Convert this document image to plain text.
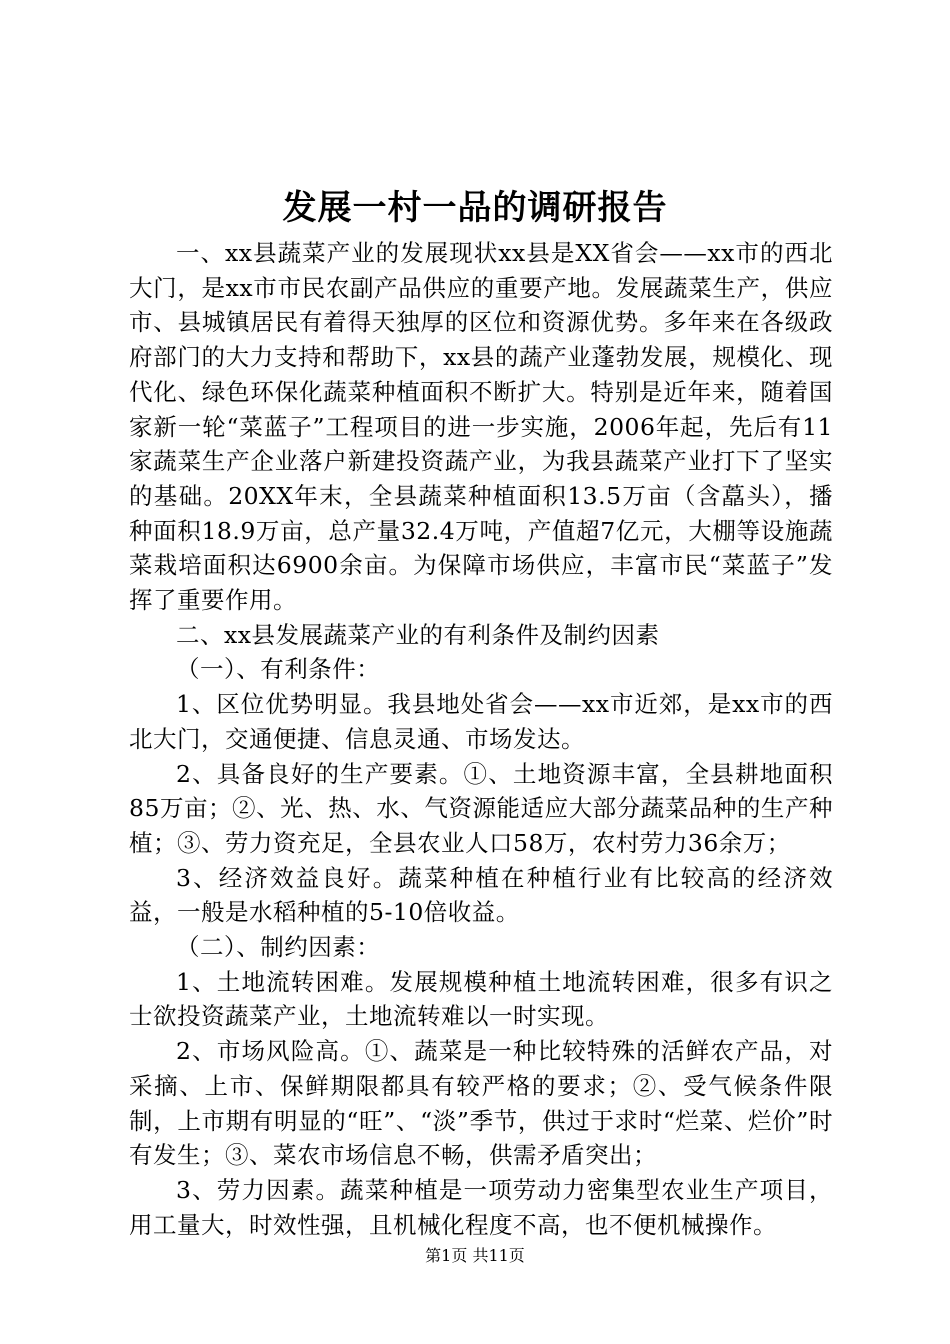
发展一村一品的调研报告

一、xx县蔬菜产业的发展现状xx县是XX省会——xx市的西北大门，是xx市市民农副产品供应的重要产地。发展蔬菜生产，供应市、县城镇居民有着得天独厚的区位和资源优势。多年来在各级政府部门的大力支持和帮助下，xx县的蔬产业蓬勃发展，规模化、现代化、绿色环保化蔬菜种植面积不断扩大。特别是近年来，随着国家新一轮“菜蓝子”工程项目的进一步实施，2006年起，先后有11家蔬菜生产企业落户新建投资蔬产业，为我县蔬菜产业打下了坚实的基础。20XX年末，全县蔬菜种植面积13.5万亩（含藠头），播种面积18.9万亩，总产量32.4万吨，产值超7亿元，大棚等设施蔬菜栽培面积达6900余亩。为保障市场供应，丰富市民“菜蓝子”发挥了重要作用。

二、xx县发展蔬菜产业的有利条件及制约因素

（一）、有利条件：

1、区位优势明显。我县地处省会——xx市近郊，是xx市的西北大门，交通便捷、信息灵通、市场发达。

2、具备良好的生产要素。①、土地资源丰富，全县耕地面积85万亩；②、光、热、水、气资源能适应大部分蔬菜品种的生产种植；③、劳力资充足，全县农业人口58万，农村劳力36余万；

3、经济效益良好。蔬菜种植在种植行业有比较高的经济效益，一般是水稻种植的5-10倍收益。

（二）、制约因素：

1、土地流转困难。发展规模种植土地流转困难，很多有识之士欲投资蔬菜产业，土地流转难以一时实现。

2、市场风险高。①、蔬菜是一种比较特殊的活鲜农产品，对采摘、上市、保鲜期限都具有较严格的要求；②、受气候条件限制，上市期有明显的“旺”、“淡”季节，供过于求时“烂菜、烂价”时有发生；③、菜农市场信息不畅，供需矛盾突出；

3、劳力因素。蔬菜种植是一项劳动力密集型农业生产项目，用工量大，时效性强，且机械化程度不高，也不便机械操作。

第1页 共11页
